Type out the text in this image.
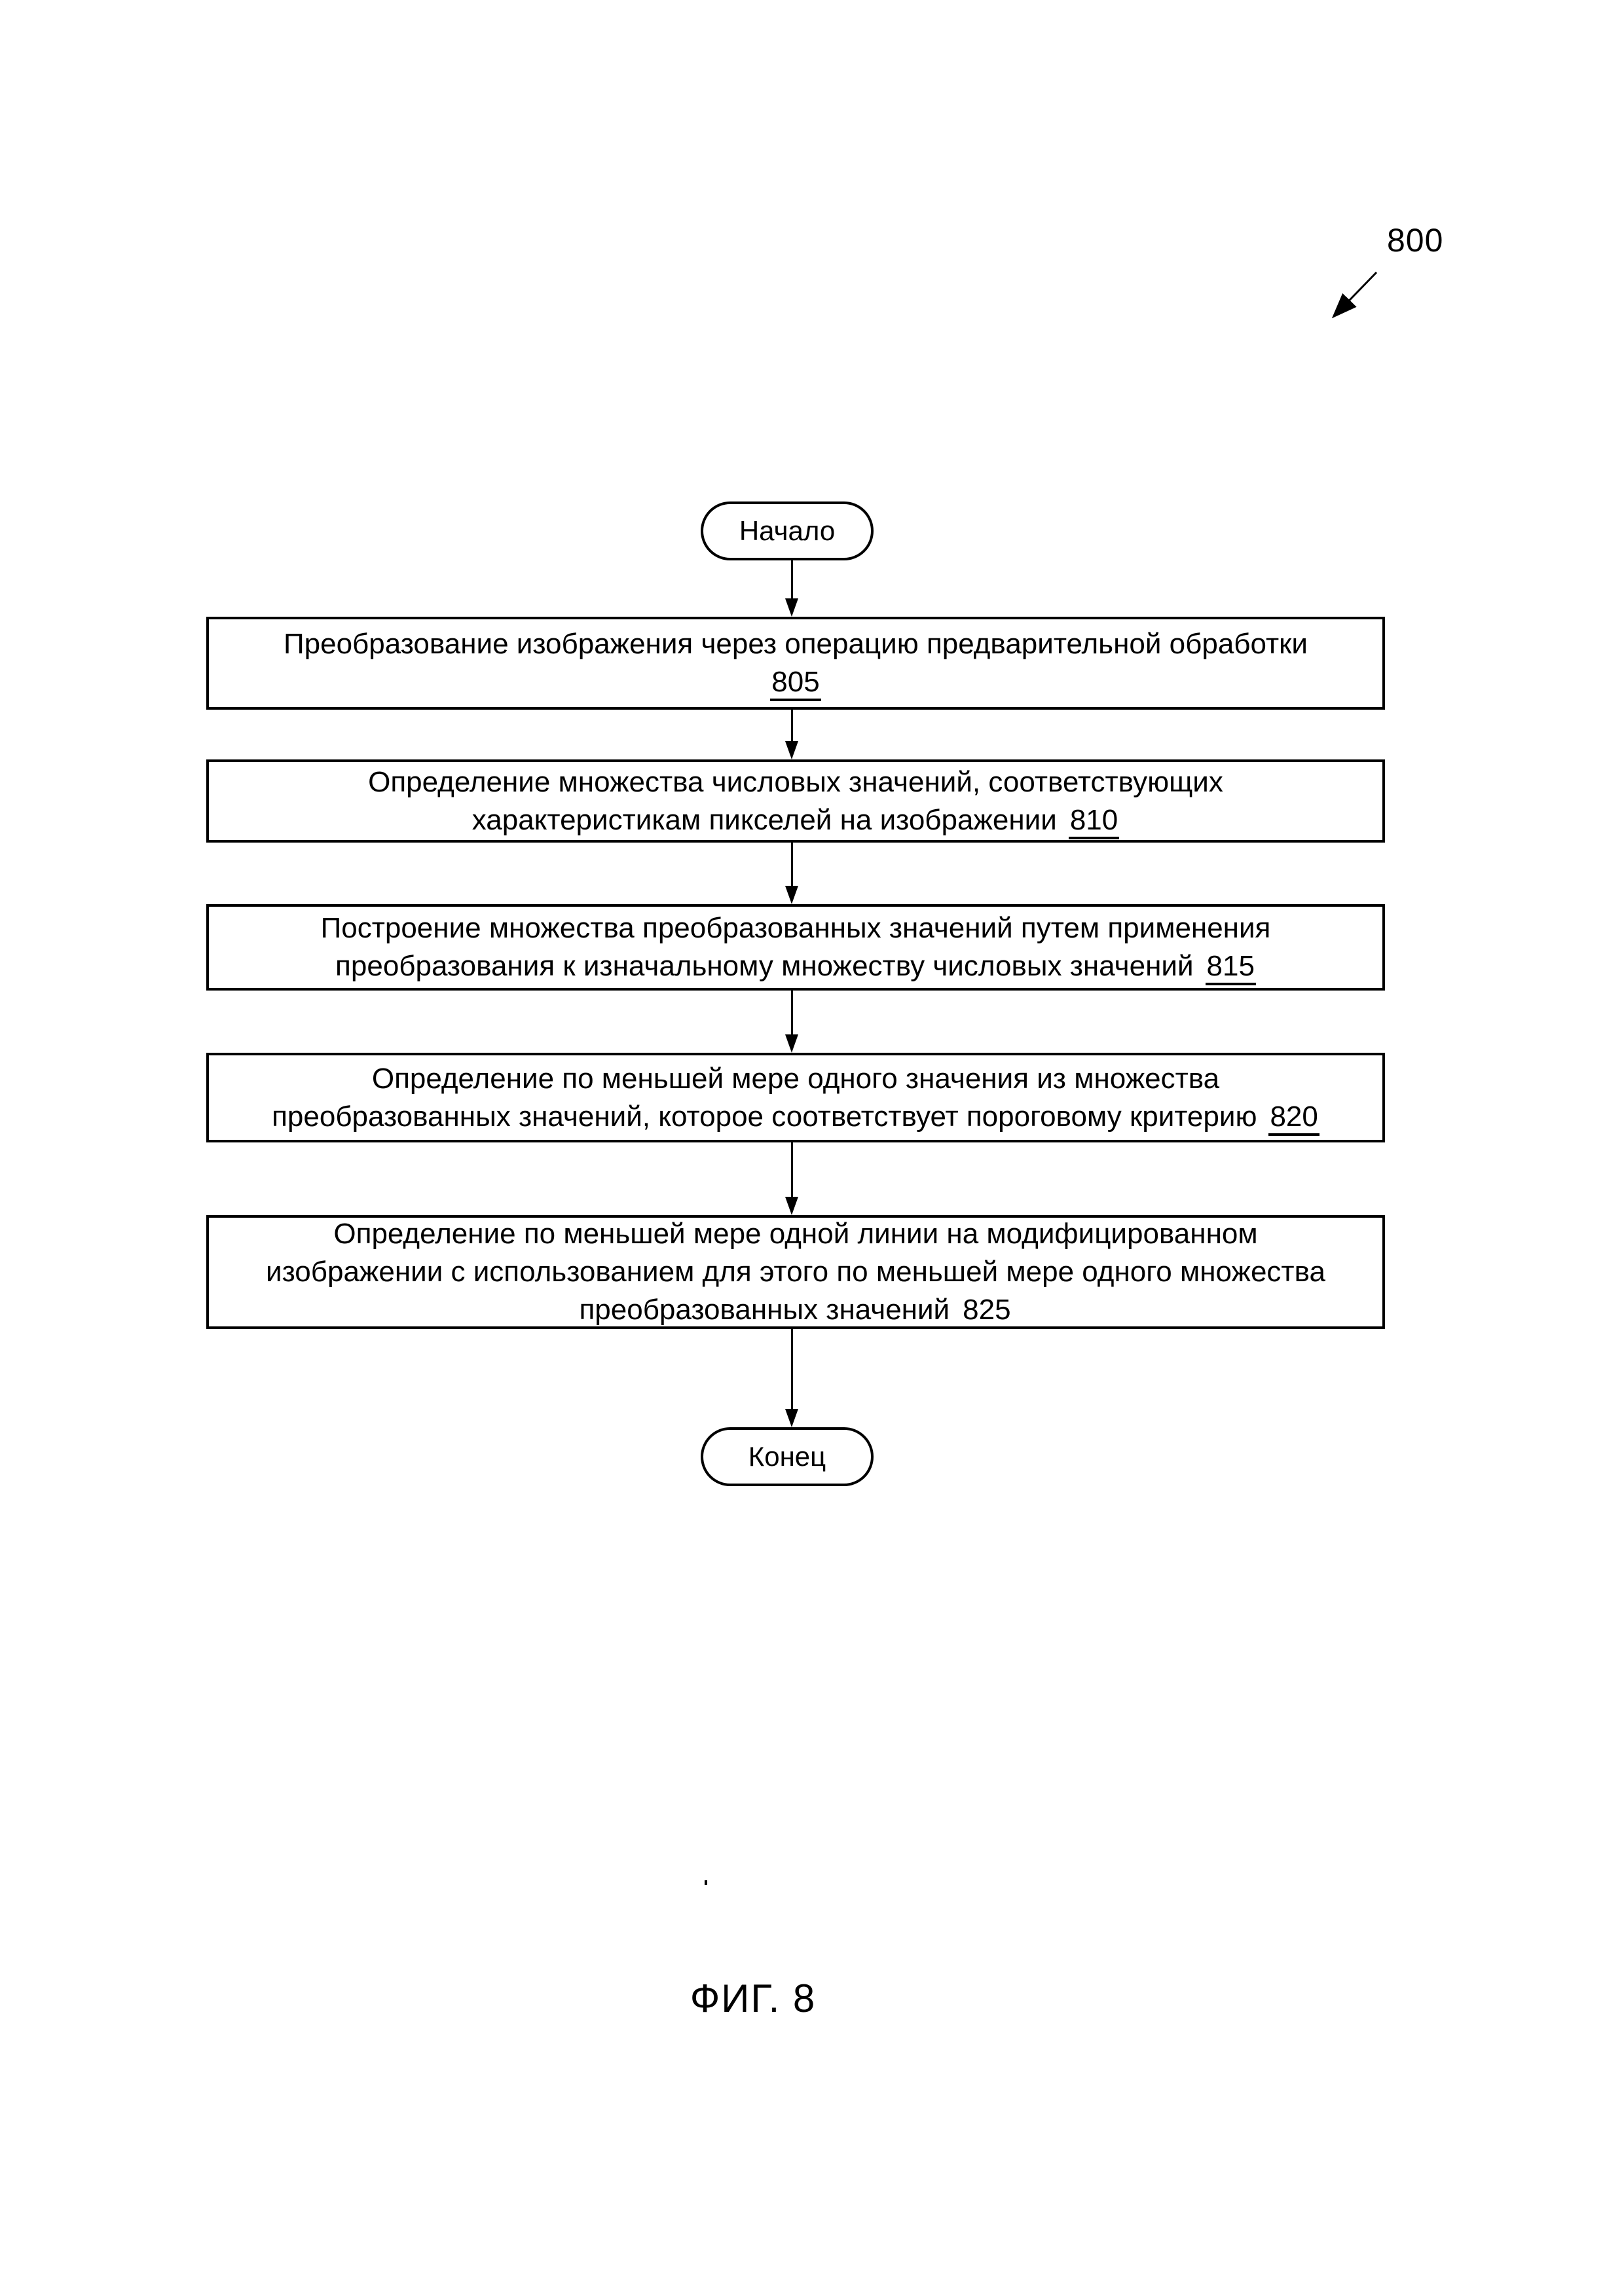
800
Начало
Преобразование изображения через операцию предварительной обработки
805
Определение множества числовых значений, соответствующих
характеристикам пикселей на изображении 810
Построение множества преобразованных значений путем применения
преобразования к изначальному множеству числовых значений 815
Определение по меньшей мере одного значения из множества
преобразованных значений, которое соответствует пороговому критерию 820
Определение по меньшей мере одной линии на модифицированном
изображении с использованием для этого по меньшей мере одного множества
преобразованных значений 825
Конец
ФИГ. 8
